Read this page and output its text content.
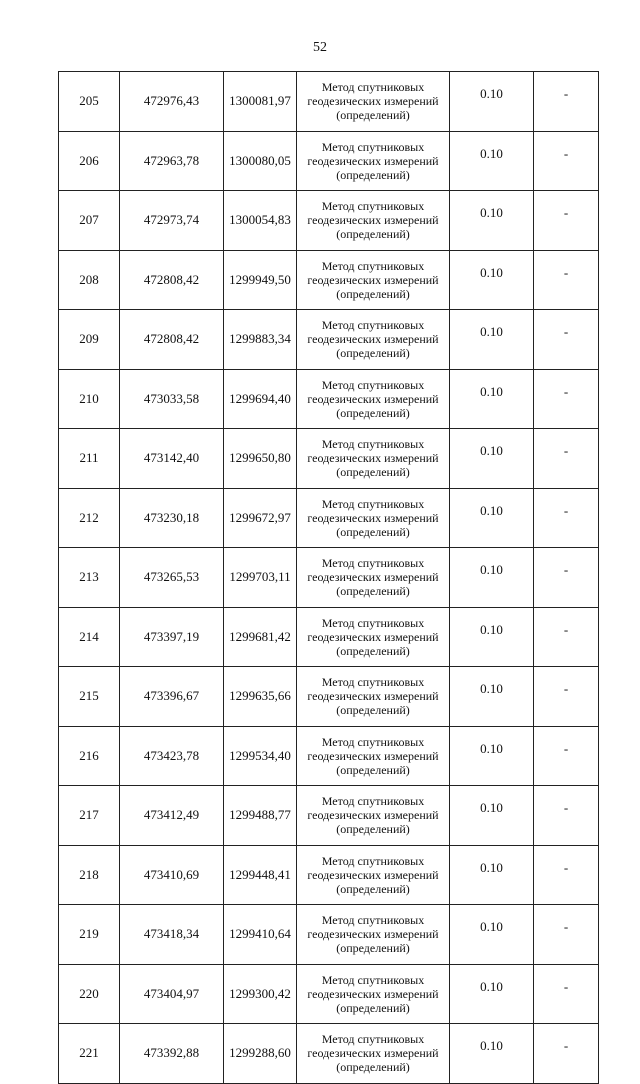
52
205	472976,43	1300081,97	Метод спутниковых
геодезических измерений
(определений)	0.10	-
206	472963,78	1300080,05	Метод спутниковых
геодезических измерений
(определений)	0.10	-
207	472973,74	1300054,83	Метод спутниковых
геодезических измерений
(определений)	0.10	-
208	472808,42	1299949,50	Метод спутниковых
геодезических измерений
(определений)	0.10	-
209	472808,42	1299883,34	Метод спутниковых
геодезических измерений
(определений)	0.10	-
210	473033,58	1299694,40	Метод спутниковых
геодезических измерений
(определений)	0.10	-
211	473142,40	1299650,80	Метод спутниковых
геодезических измерений
(определений)	0.10	-
212	473230,18	1299672,97	Метод спутниковых
геодезических измерений
(определений)	0.10	-
213	473265,53	1299703,11	Метод спутниковых
геодезических измерений
(определений)	0.10	-
214	473397,19	1299681,42	Метод спутниковых
геодезических измерений
(определений)	0.10	-
215	473396,67	1299635,66	Метод спутниковых
геодезических измерений
(определений)	0.10	-
216	473423,78	1299534,40	Метод спутниковых
геодезических измерений
(определений)	0.10	-
217	473412,49	1299488,77	Метод спутниковых
геодезических измерений
(определений)	0.10	-
218	473410,69	1299448,41	Метод спутниковых
геодезических измерений
(определений)	0.10	-
219	473418,34	1299410,64	Метод спутниковых
геодезических измерений
(определений)	0.10	-
220	473404,97	1299300,42	Метод спутниковых
геодезических измерений
(определений)	0.10	-
221	473392,88	1299288,60	Метод спутниковых
геодезических измерений
(определений)	0.10	-
